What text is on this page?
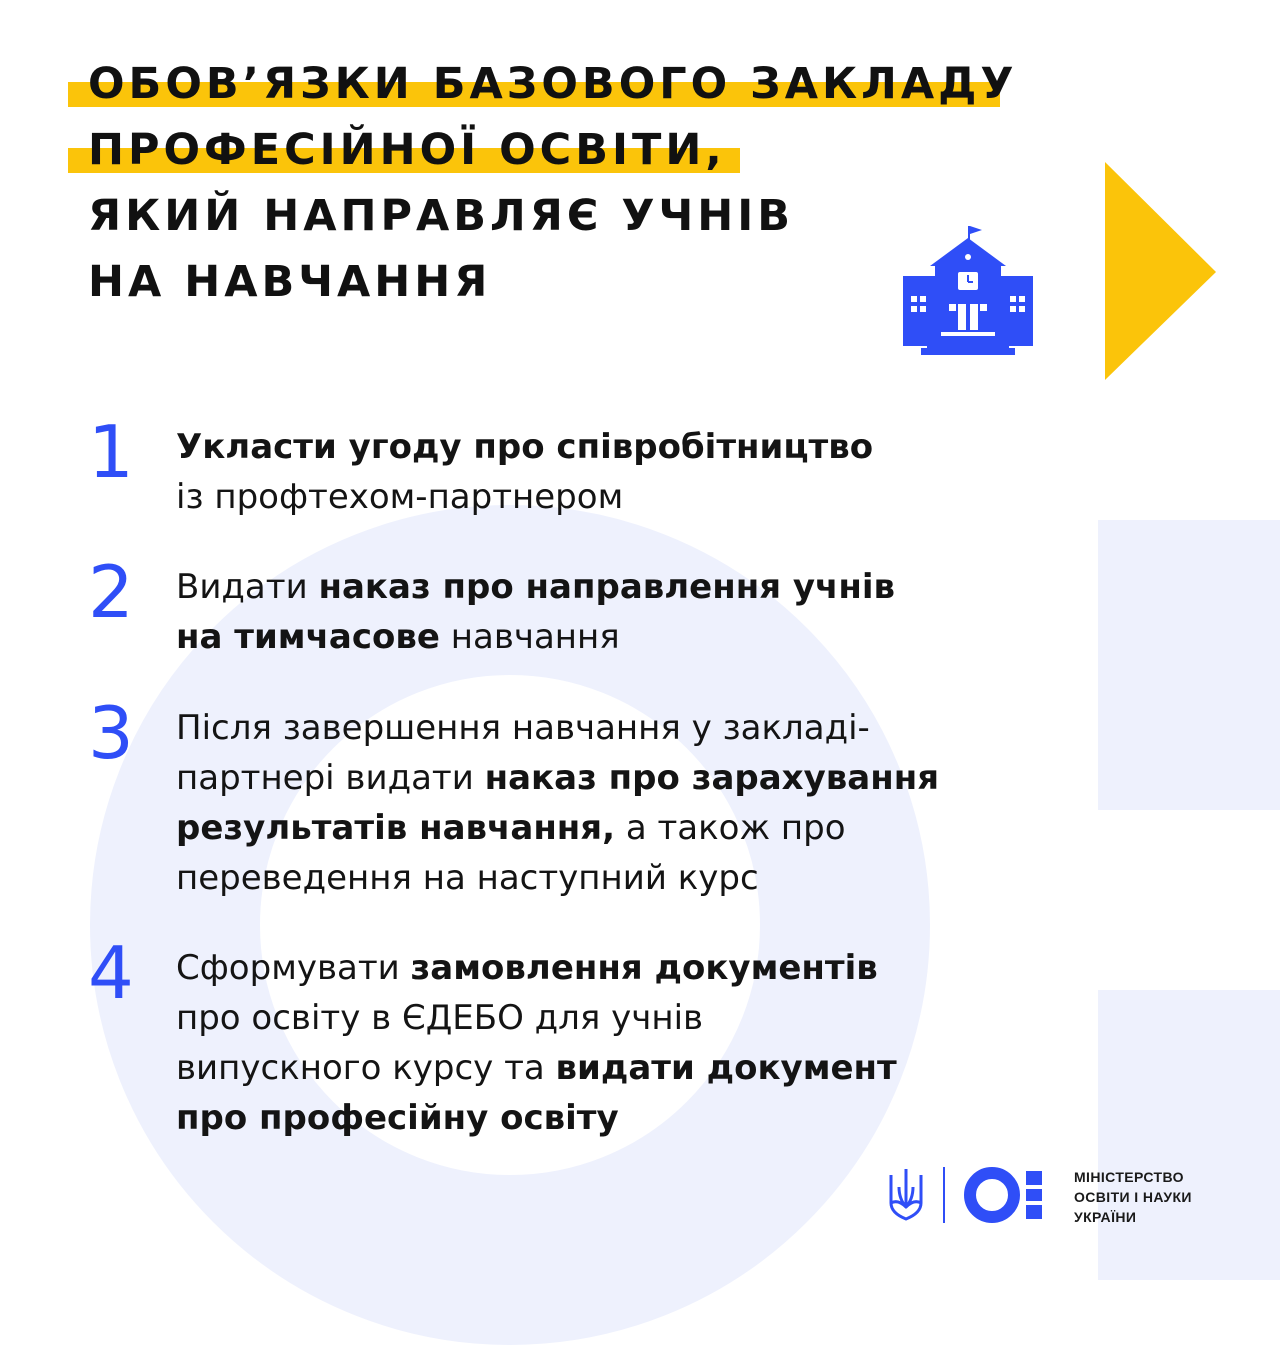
ОБОВ’ЯЗКИ БАЗОВОГО ЗАКЛАДУ
ПРОФЕСІЙНОЇ ОСВІТИ,
ЯКИЙ НАПРАВЛЯЄ УЧНІВ
НА НАВЧАННЯ
1	Укласти угоду про співробітництво
із профтехом-партнером
2	Видати наказ про направлення учнів
на тимчасове навчання
3	Після завершення навчання у закладі-
партнері видати наказ про зарахування
результатів навчання, а також про
переведення на наступний курс
4	Сформувати замовлення документів
про освіту в ЄДЕБО для учнів
випускного курсу та видати документ
про професійну освіту
МІНІСТЕРСТВО
ОСВІТИ І НАУКИ
УКРАЇНИ
